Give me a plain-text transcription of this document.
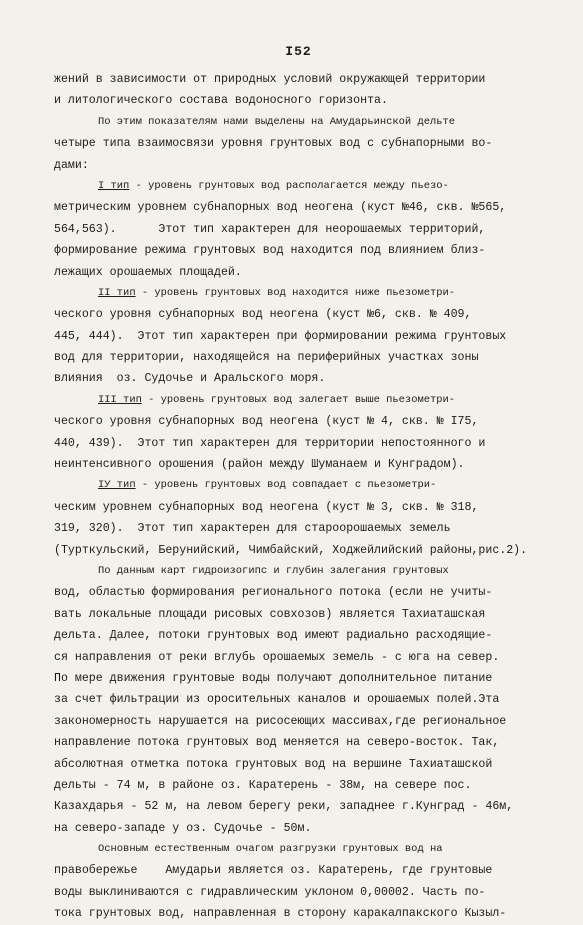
I52
жений в зависимости от природных условий окружающей территории
и литологического состава водоносного горизонта.
По этим показателям нами выделены на Амударьинской дельте
четыре типа взаимосвязи уровня грунтовых вод с субнапорными во-
дами:
I тип - уровень грунтовых вод располагается между пьезо-
метрическим уровнем субнапорных вод неогена (куст №46, скв. №565,
564,563).      Этот тип характерен для неорошаемых территорий,
формирование режима грунтовых вод находится под влиянием близ-
лежащих орошаемых площадей.
II тип - уровень грунтовых вод находится ниже пьезометри-
ческого уровня субнапорных вод неогена (куст №6, скв. № 409,
445, 444).  Этот тип характерен при формировании режима грунтовых
вод для территории, находящейся на периферийных участках зоны
влияния  оз. Судочье и Аральского моря.
III тип - уровень грунтовых вод залегает выше пьезометри-
ческого уровня субнапорных вод неогена (куст № 4, скв. № I75,
440, 439).  Этот тип характерен для территории непостоянного и
неинтенсивного орошения (район между Шуманаем и Кунградом).
IУ тип - уровень грунтовых вод совпадает с пьезометри-
ческим уровнем субнапорных вод неогена (куст № 3, скв. № 318,
319, 320).  Этот тип характерен для староорошаемых земель
(Турткульский, Берунийский, Чимбайский, Ходжейлийский районы,рис.2).
По данным карт гидроизогипс и глубин залегания грунтовых
вод, областью формирования регионального потока (если не учиты-
вать локальные площади рисовых совхозов) является Тахиаташская
дельта. Далее, потоки грунтовых вод имеют радиально расходящие-
ся направления от реки вглубь орошаемых земель - с юга на север.
По мере движения грунтовые воды получают дополнительное питание
за счет фильтрации из оросительных каналов и орошаемых полей.Эта
закономерность нарушается на рисосеющих массивах,где региональное
направление потока грунтовых вод меняется на северо-восток. Так,
абсолютная отметка потока грунтовых вод на вершине Тахиаташской
дельты - 74 м, в районе оз. Каратерень - 38м, на севере пос.
Казахдарья - 52 м, на левом берегу реки, западнее г.Кунград - 46м,
на северо-западе у оз. Судочье - 50м.
Основным естественным очагом разгрузки грунтовых вод на
правобережье    Амударьи является оз. Каратерень, где грунтовые
воды выклиниваются с гидравлическим уклоном 0,00002. Часть по-
тока грунтовых вод, направленная в сторону каракалпакского Кызыл-
